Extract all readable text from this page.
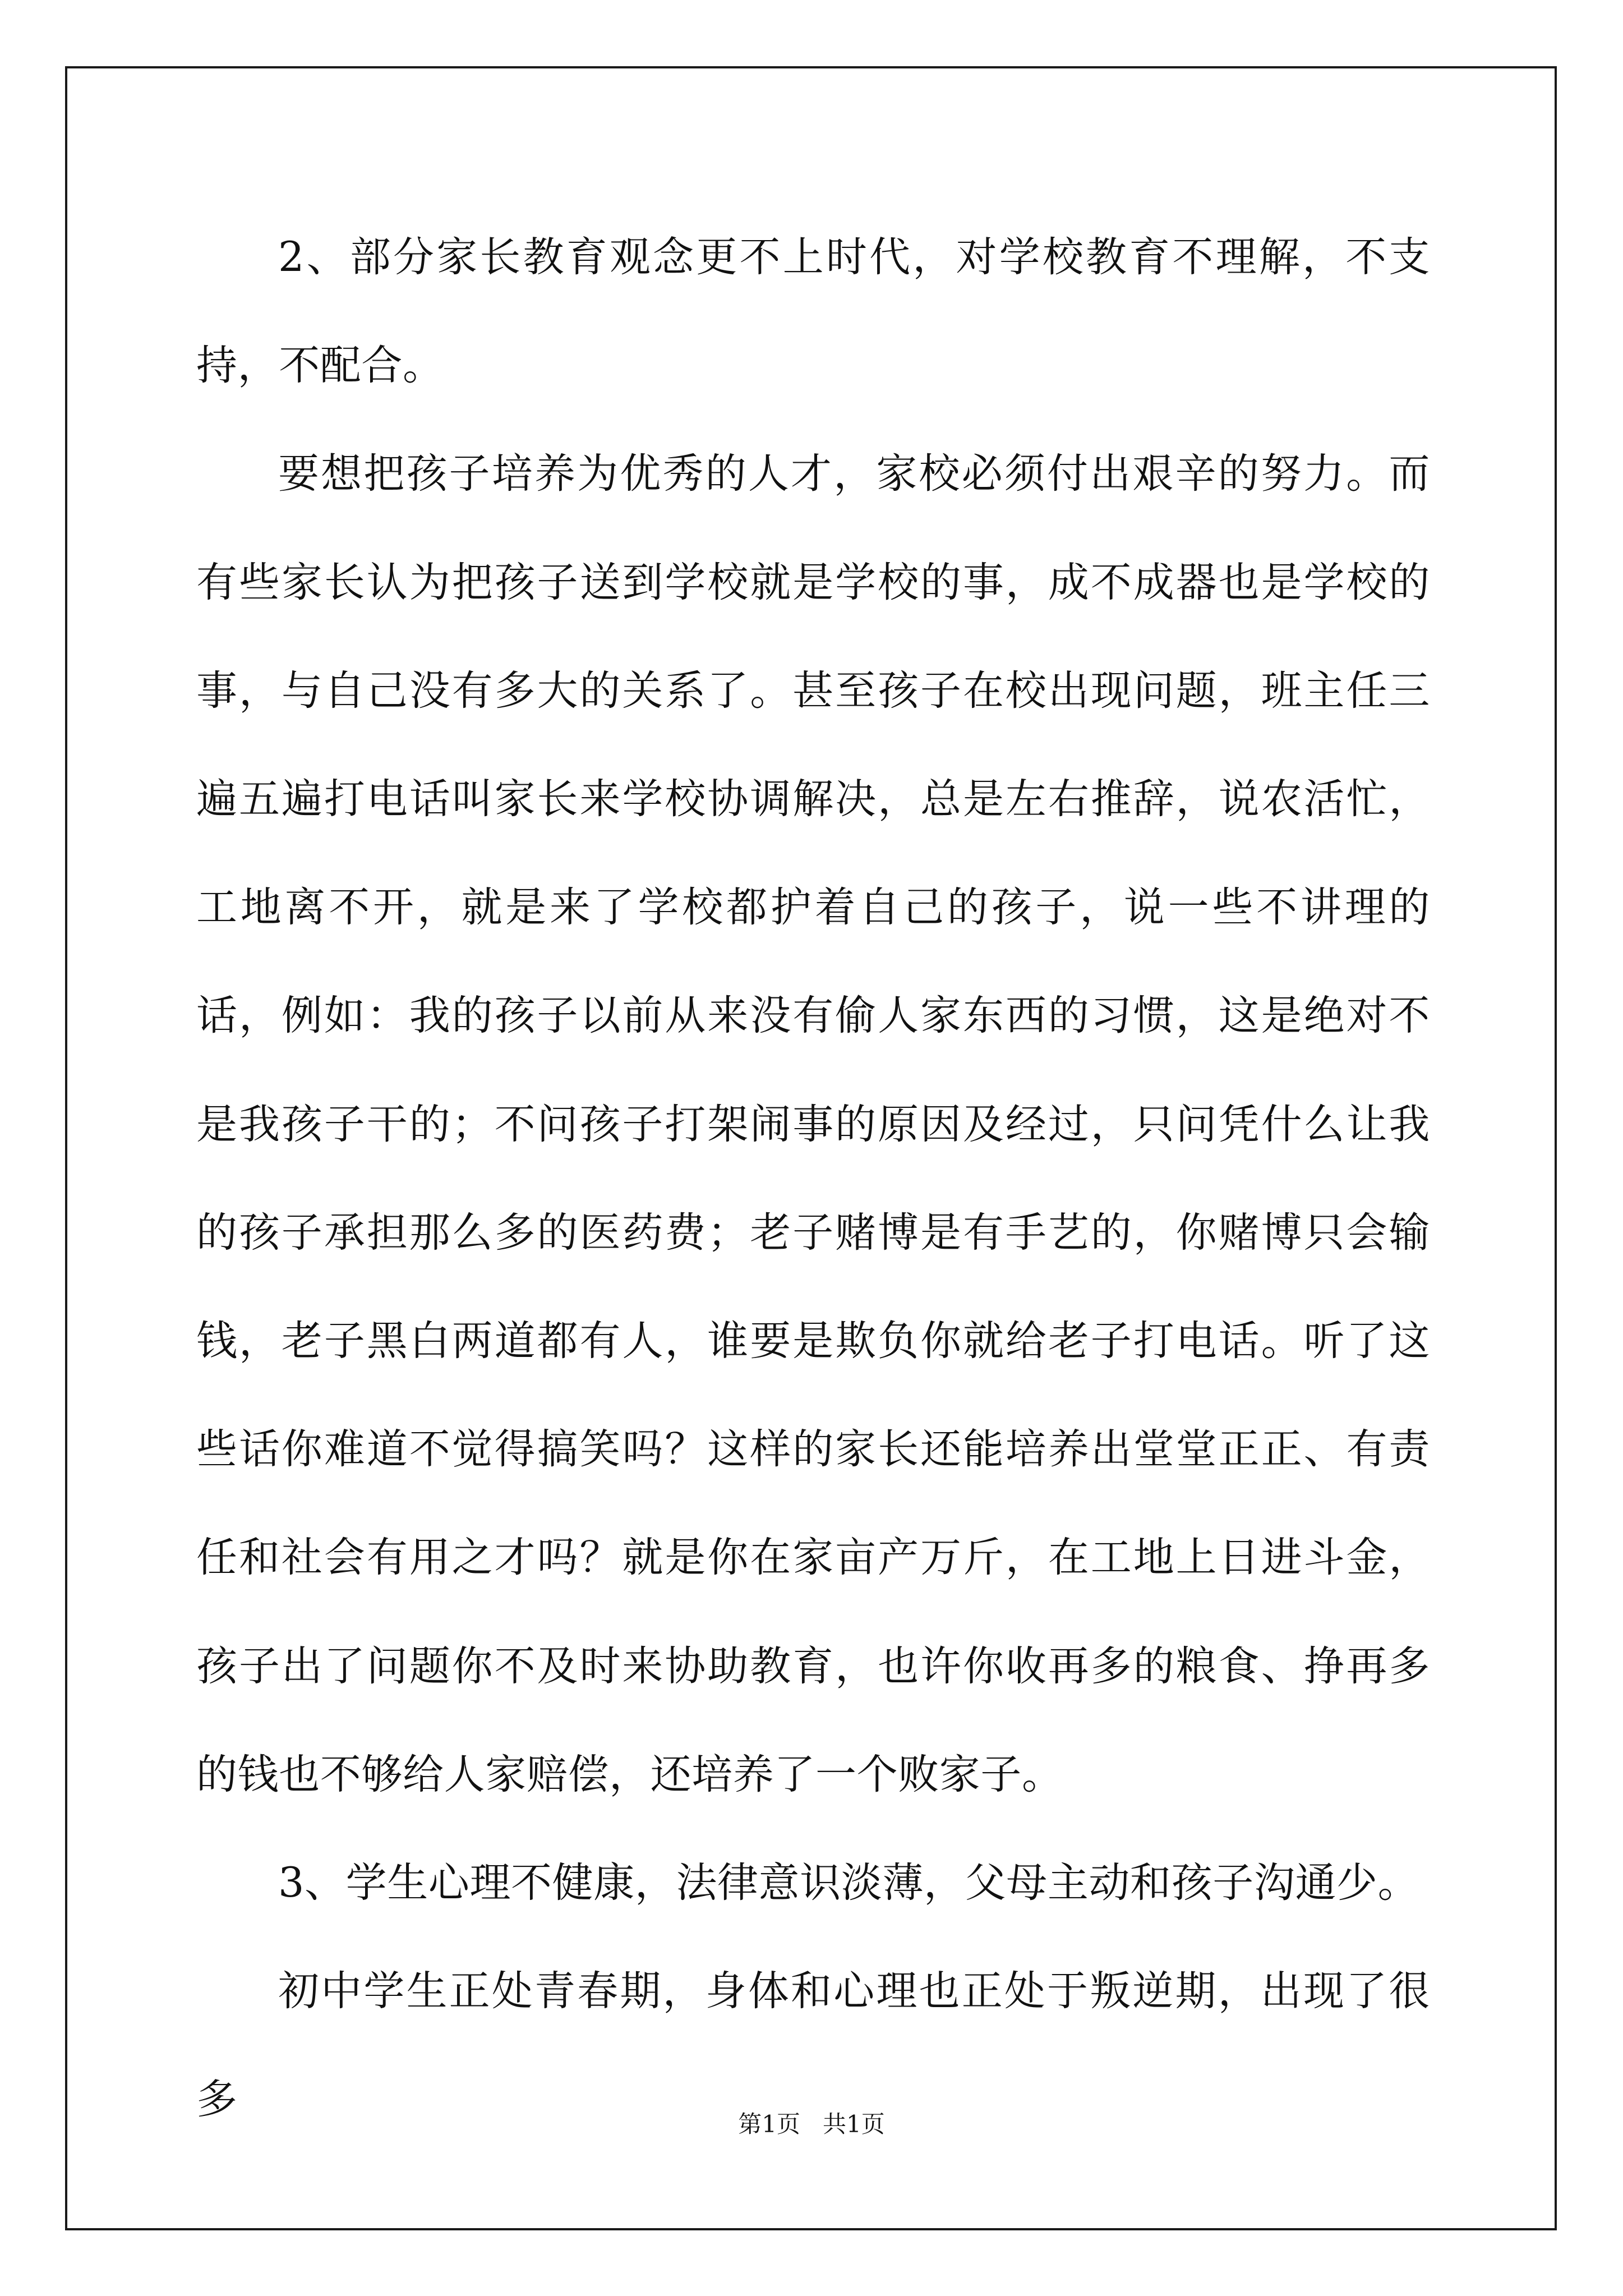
2、部分家长教育观念更不上时代，对学校教育不理解，不支持，不配合。

要想把孩子培养为优秀的人才，家校必须付出艰辛的努力。而有些家长认为把孩子送到学校就是学校的事，成不成器也是学校的事，与自己没有多大的关系了。甚至孩子在校出现问题，班主任三遍五遍打电话叫家长来学校协调解决，总是左右推辞，说农活忙，工地离不开，就是来了学校都护着自己的孩子，说一些不讲理的话，例如：我的孩子以前从来没有偷人家东西的习惯，这是绝对不是我孩子干的；不问孩子打架闹事的原因及经过，只问凭什么让我的孩子承担那么多的医药费；老子赌博是有手艺的，你赌博只会输钱，老子黑白两道都有人，谁要是欺负你就给老子打电话。听了这些话你难道不觉得搞笑吗？这样的家长还能培养出堂堂正正、有责任和社会有用之才吗？就是你在家亩产万斤，在工地上日进斗金，孩子出了问题你不及时来协助教育，也许你收再多的粮食、挣再多的钱也不够给人家赔偿，还培养了一个败家子。

3、学生心理不健康，法律意识淡薄，父母主动和孩子沟通少。

初中学生正处青春期，身体和心理也正处于叛逆期，出现了很多

第1页 共1页
